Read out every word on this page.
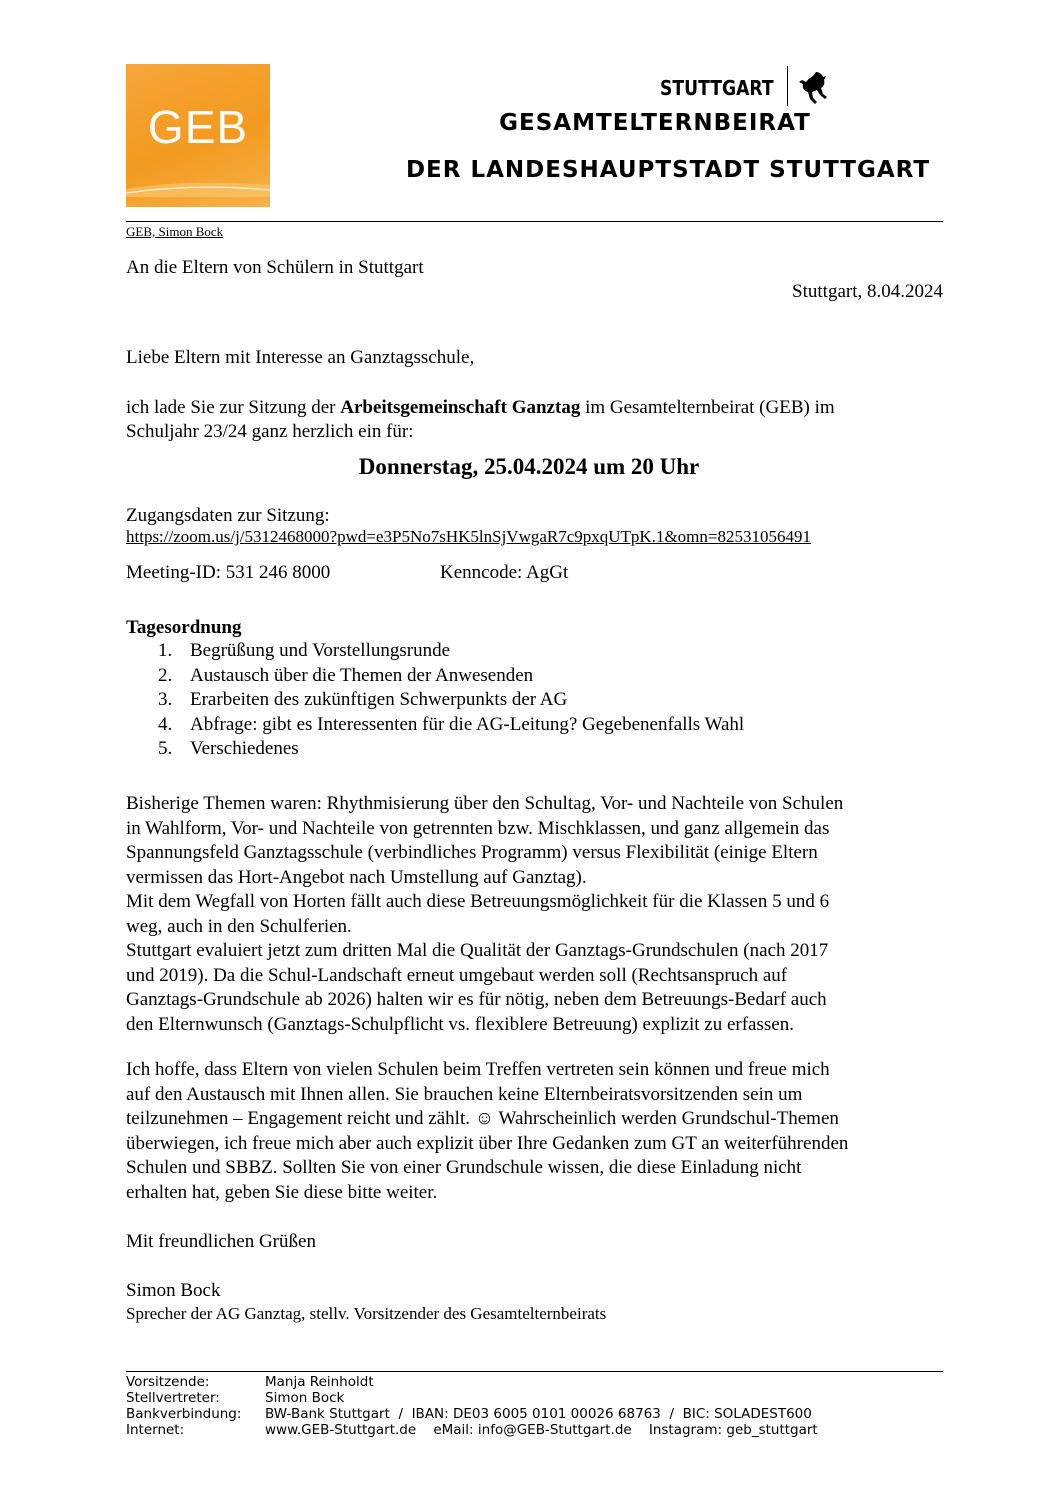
GEB
STUTTGART
GESAMTELTERNBEIRAT
DER LANDESHAUPTSTADT STUTTGART
GEB, Simon Bock
An die Eltern von Schülern in Stuttgart
Stuttgart, 8.04.2024
Liebe Eltern mit Interesse an Ganztagsschule,
ich lade Sie zur Sitzung der Arbeitsgemeinschaft Ganztag im Gesamtelternbeirat (GEB) im
Schuljahr 23/24 ganz herzlich ein für:
Donnerstag, 25.04.2024 um 20 Uhr
Zugangsdaten zur Sitzung:
https://zoom.us/j/5312468000?pwd=e3P5No7sHK5lnSjVwgaR7c9pxqUTpK.1&omn=82531056491
Meeting-ID: 531 246 8000	Kenncode: AgGt
Tagesordnung
1. Begrüßung und Vorstellungsrunde
2. Austausch über die Themen der Anwesenden
3. Erarbeiten des zukünftigen Schwerpunkts der AG
4. Abfrage: gibt es Interessenten für die AG-Leitung? Gegebenenfalls Wahl
5. Verschiedenes
Bisherige Themen waren: Rhythmisierung über den Schultag, Vor- und Nachteile von Schulen
in Wahlform, Vor- und Nachteile von getrennten bzw. Mischklassen, und ganz allgemein das
Spannungsfeld Ganztagsschule (verbindliches Programm) versus Flexibilität (einige Eltern
vermissen das Hort-Angebot nach Umstellung auf Ganztag).
Mit dem Wegfall von Horten fällt auch diese Betreuungsmöglichkeit für die Klassen 5 und 6
weg, auch in den Schulferien.
Stuttgart evaluiert jetzt zum dritten Mal die Qualität der Ganztags-Grundschulen (nach 2017
und 2019). Da die Schul-Landschaft erneut umgebaut werden soll (Rechtsanspruch auf
Ganztags-Grundschule ab 2026) halten wir es für nötig, neben dem Betreuungs-Bedarf auch
den Elternwunsch (Ganztags-Schulpflicht vs. flexiblere Betreuung) explizit zu erfassen.
Ich hoffe, dass Eltern von vielen Schulen beim Treffen vertreten sein können und freue mich
auf den Austausch mit Ihnen allen. Sie brauchen keine Elternbeiratsvorsitzenden sein um
teilzunehmen – Engagement reicht und zählt. ☺ Wahrscheinlich werden Grundschul-Themen
überwiegen, ich freue mich aber auch explizit über Ihre Gedanken zum GT an weiterführenden
Schulen und SBBZ. Sollten Sie von einer Grundschule wissen, die diese Einladung nicht
erhalten hat, geben Sie diese bitte weiter.
Mit freundlichen Grüßen
Simon Bock
Sprecher der AG Ganztag, stellv. Vorsitzender des Gesamtelternbeirats
Vorsitzende:	Manja Reinholdt
Stellvertreter:	Simon Bock
Bankverbindung: BW-Bank Stuttgart  /  IBAN: DE03 6005 0101 00026 68763  /  BIC: SOLADEST600
Internet:	www.GEB-Stuttgart.de    eMail: info@GEB-Stuttgart.de    Instagram: geb_stuttgart
